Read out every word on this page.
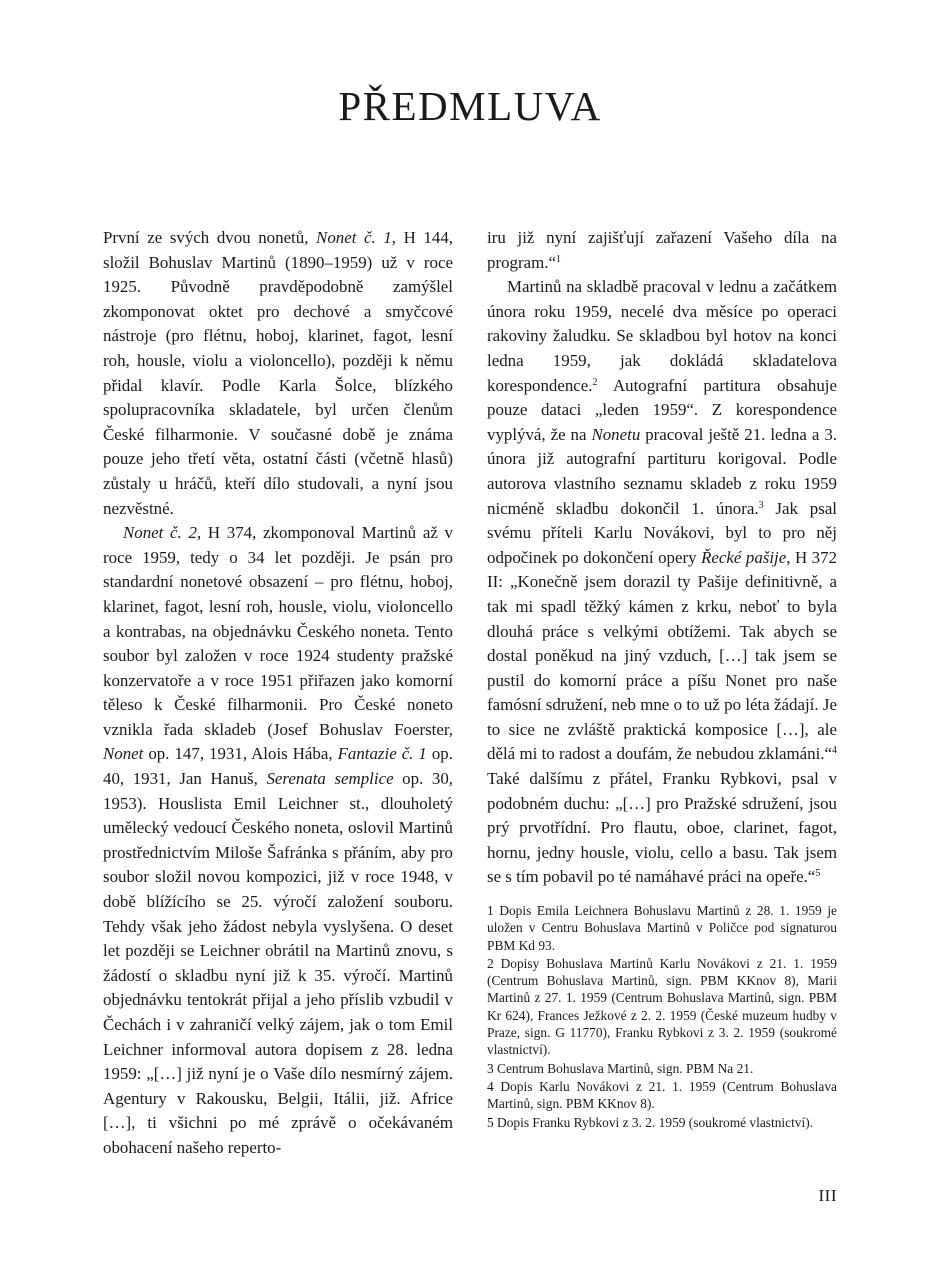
PŘEDMLUVA

První ze svých dvou nonetů, Nonet č. 1, H 144, složil Bohuslav Martinů (1890–1959) už v roce 1925. Původně pravděpodobně zamýšlel zkomponovat oktet pro dechové a smyčcové nástroje (pro flétnu, hoboj, klarinet, fagot, lesní roh, housle, violu a violoncello), později k němu přidal klavír. Podle Karla Šolce, blízkého spolupracovníka skladatele, byl určen členům České filharmonie. V současné době je známa pouze jeho třetí věta, ostatní části (včetně hlasů) zůstaly u hráčů, kteří dílo studovali, a nyní jsou nezvěstné.

Nonet č. 2, H 374, zkomponoval Martinů až v roce 1959, tedy o 34 let později. Je psán pro standardní nonetové obsazení – pro flétnu, hoboj, klarinet, fagot, lesní roh, housle, violu, violoncello a kontrabas, na objednávku Českého noneta. Tento soubor byl založen v roce 1924 studenty pražské konzervatoře a v roce 1951 přiřazen jako komorní těleso k České filharmonii. Pro České noneto vznikla řada skladeb (Josef Bohuslav Foerster, Nonet op. 147, 1931, Alois Hába, Fantazie č. 1 op. 40, 1931, Jan Hanuš, Serenata semplice op. 30, 1953). Houslista Emil Leichner st., dlouholetý umělecký vedoucí Českého noneta, oslovil Martinů prostřednictvím Miloše Šafránka s přáním, aby pro soubor složil novou kompozici, již v roce 1948, v době blížícího se 25. výročí založení souboru. Tehdy však jeho žádost nebyla vyslyšena. O deset let později se Leichner obrátil na Martinů znovu, s žádostí o skladbu nyní již k 35. výročí. Martinů objednávku tentokrát přijal a jeho příslib vzbudil v Čechách i v zahraničí velký zájem, jak o tom Emil Leichner informoval autora dopisem z 28. ledna 1959: „[…] již nyní je o Vaše dílo nesmírný zájem. Agentury v Rakousku, Belgii, Itálii, již. Africe […], ti všichni po mé zprávě o očekávaném obohacení našeho reperto-

iru již nyní zajišťují zařazení Vašeho díla na program.“$^1$

Martinů na skladbě pracoval v lednu a začátkem února roku 1959, necelé dva měsíce po operaci rakoviny žaludku. Se skladbou byl hotov na konci ledna 1959, jak dokládá skladatelova korespondence.$^2$ Autografní partitura obsahuje pouze dataci „leden 1959“. Z korespondence vyplývá, že na Nonetu pracoval ještě 21. ledna a 3. února již autografní partituru korigoval. Podle autorova vlastního seznamu skladeb z roku 1959 nicméně skladbu dokončil 1. února.$^3$ Jak psal svému příteli Karlu Novákovi, byl to pro něj odpočinek po dokončení opery Řecké pašije, H 372 II: „Konečně jsem dorazil ty Pašije definitivně, a tak mi spadl těžký kámen z krku, neboť to byla dlouhá práce s velkými obtížemi. Tak abych se dostal poněkud na jiný vzduch, […] tak jsem se pustil do komorní práce a píšu Nonet pro naše famósní sdružení, neb mne o to už po léta žádají. Je to sice ne zvláště praktická komposice […], ale dělá mi to radost a doufám, že nebudou zklamáni.“$^4$ Také dalšímu z přátel, Franku Rybkovi, psal v podobném duchu: „[…] pro Pražské sdružení, jsou prý prvotřídní. Pro flautu, oboe, clarinet, fagot, hornu, jedny housle, violu, cello a basu. Tak jsem se s tím pobavil po té namáhavé práci na opeře.“$^5$

1 Dopis Emila Leichnera Bohuslavu Martinů z 28. 1. 1959 je uložen v Centru Bohuslava Martinů v Poličce pod signaturou PBM Kd 93.

2 Dopisy Bohuslava Martinů Karlu Novákovi z 21. 1. 1959 (Centrum Bohuslava Martinů, sign. PBM KKnov 8), Marii Martinů z 27. 1. 1959 (Centrum Bohuslava Martinů, sign. PBM Kr 624), Frances Ježkové z 2. 2. 1959 (České muzeum hudby v Praze, sign. G 11770), Franku Rybkovi z 3. 2. 1959 (soukromé vlastnictví).

3 Centrum Bohuslava Martinů, sign. PBM Na 21.

4 Dopis Karlu Novákovi z 21. 1. 1959 (Centrum Bohuslava Martinů, sign. PBM KKnov 8).

5 Dopis Franku Rybkovi z 3. 2. 1959 (soukromé vlastnictví).

III
